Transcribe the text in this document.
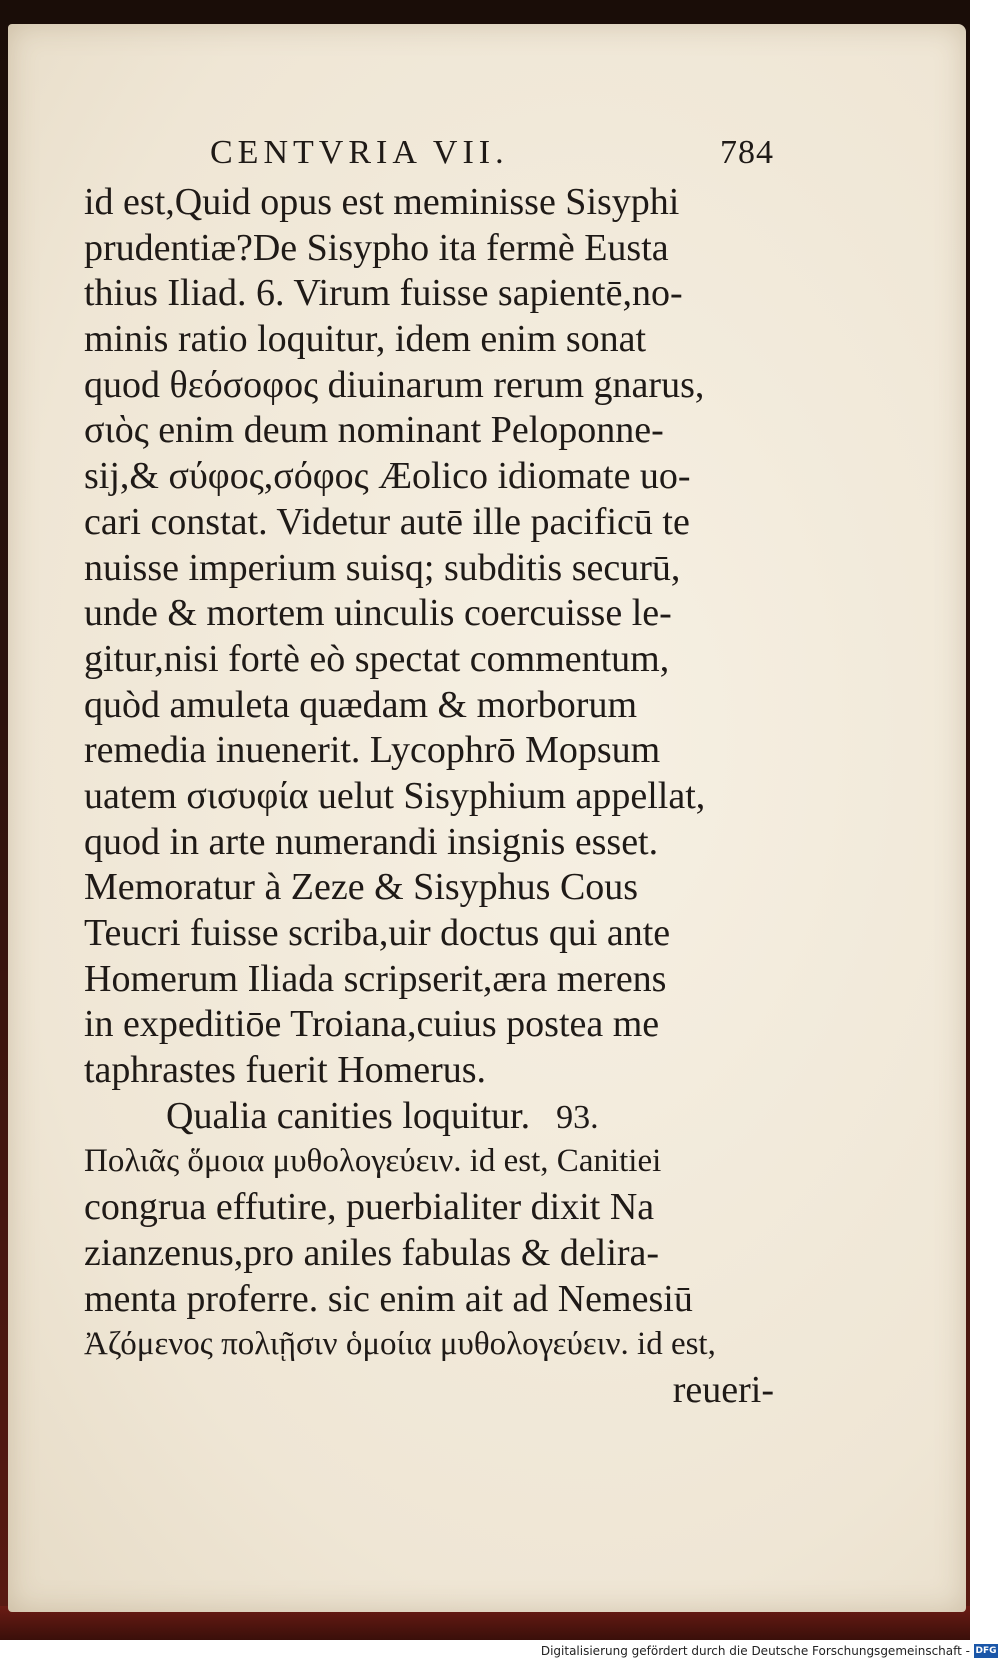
CENTVRIA VII.	784
id est,Quid opus est meminisse Sisyphi
prudentiæ?De Sisypho ita fermè Eusta
thius Iliad. 6. Virum fuisse sapientē,no-
minis ratio loquitur, idem enim sonat
quod θεόσοφος diuinarum rerum gnarus,
σιὸς enim deum nominant Peloponne-
sij,& σύφος,σόφος Æolico idiomate uo-
cari constat. Videtur autē ille pacificū te
nuisse imperium suisq; subditis securū,
unde & mortem uinculis coercuisse le-
gitur,nisi fortè eò spectat commentum,
quòd amuleta quædam & morborum
remedia inuenerit. Lycophrō Mopsum
uatem σισυφία uelut Sisyphium appellat,
quod in arte numerandi insignis esset.
Memoratur à Zeze & Sisyphus Cous
Teucri fuisse scriba,uir doctus qui ante
Homerum Iliada scripserit,æra merens
in expeditiōe Troiana,cuius postea me
taphrastes fuerit Homerus.
Qualia canities loquitur. 93.
Πολιᾶς ὅμοια μυθολογεύειν. id est, Canitiei
congrua effutire, puerbialiter dixit Na
zianzenus,pro aniles fabulas & delira-
menta proferre. sic enim ait ad Nemesiū
Ἀζόμενος πολιῇσιν ὁμοίια μυθολογεύειν. id est,
reueri-
Digitalisierung gefördert durch die Deutsche Forschungsgemeinschaft - DFG
